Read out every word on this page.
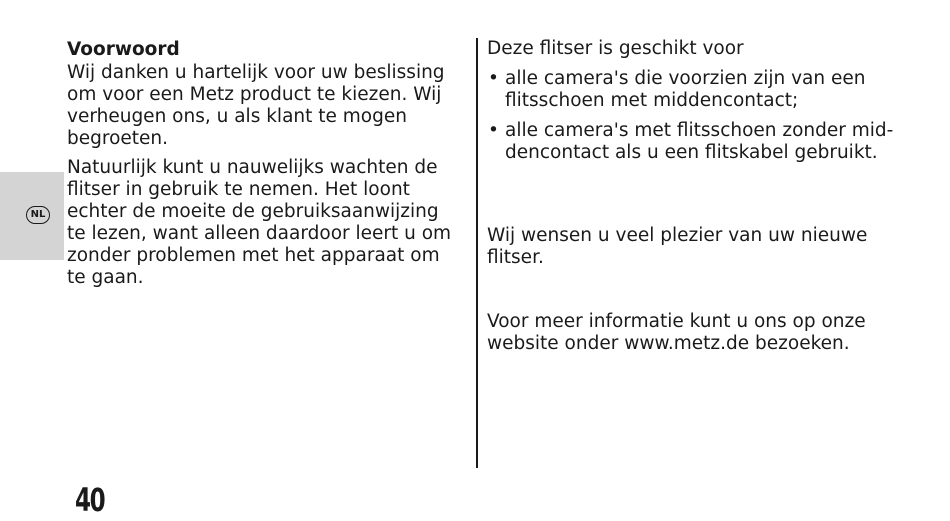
NL
Voorwoord

Wij danken u hartelijk voor uw beslissing om voor een Metz product te kiezen. Wij verheugen ons, u als klant te mogen begroeten.

Natuurlijk kunt u nauwelijks wachten de flitser in gebruik te nemen. Het loont echter de moeite de gebruiksaanwijzing te lezen, want alleen daardoor leert u om zonder problemen met het apparaat om te gaan.

Deze flitser is geschikt voor

• alle camera's die voorzien zijn van een flitsschoen met middencontact;
• alle camera's met flitsschoen zonder middencontact als u een flitskabel gebruikt.

Wij wensen u veel plezier van uw nieuwe flitser.

Voor meer informatie kunt u ons op onze website onder www.metz.de bezoeken.

40
